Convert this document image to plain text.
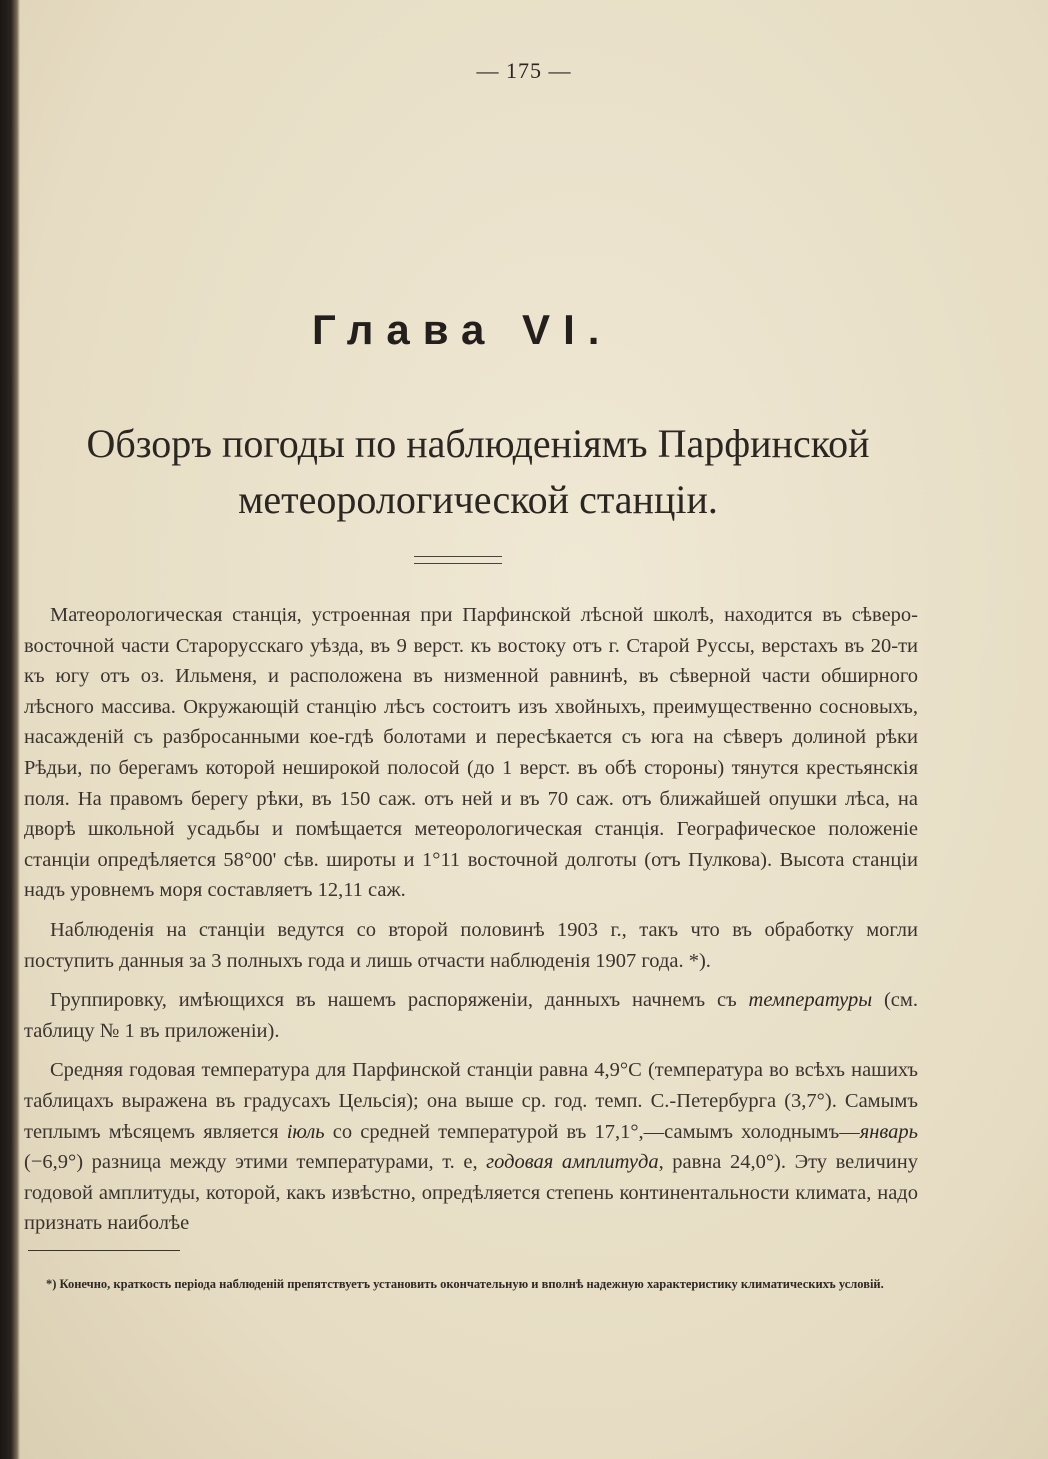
— 175 —
Глава VI.
Обзоръ погоды по наблюденіямъ Парфинской
метеорологической станціи.

Матеорологическая станція, устроенная при Парфинской лѣсной школѣ, находится въ сѣверо-восточной части Старорусскаго уѣзда, въ 9 верст. къ востоку отъ г. Старой Руссы, верстахъ въ 20-ти къ югу отъ оз. Ильменя, и расположена въ низменной равнинѣ, въ сѣверной части обширного лѣсного массива. Окружающій станцію лѣсъ состоитъ изъ хвойныхъ, преимущественно сосновыхъ, насажденій съ разбросанными кое-гдѣ болотами и пересѣкается съ юга на сѣверъ долиной рѣки Рѣдьи, по берегамъ которой неширокой полосой (до 1 верст. въ обѣ стороны) тянутся крестьянскія поля. На правомъ берегу рѣки, въ 150 саж. отъ ней и въ 70 саж. отъ ближайшей опушки лѣса, на дворѣ школьной усадьбы и помѣщается метеорологическая станція. Географическое положеніе станціи опредѣляется 58°00' сѣв. широты и 1°11 восточной долготы (отъ Пулкова). Высота станціи надъ уровнемъ моря составляетъ 12,11 саж.

Наблюденія на станціи ведутся со второй половинѣ 1903 г., такъ что въ обработку могли поступить данныя за 3 полныхъ года и лишь отчасти наблюденія 1907 года. *).

Группировку, имѣющихся въ нашемъ распоряженіи, данныхъ начнемъ съ температуры (см. таблицу № 1 въ приложеніи).

Средняя годовая температура для Парфинской станціи равна 4,9°C (температура во всѣхъ нашихъ таблицахъ выражена въ градусахъ Цельсія); она выше ср. год. темп. С.-Петербурга (3,7°). Самымъ теплымъ мѣсяцемъ является іюль со средней температурой въ 17,1°,—самымъ холоднымъ—январь (−6,9°) разница между этими температурами, т. е, годовая амплитуда, равна 24,0°). Эту величину годовой амплитуды, которой, какъ извѣстно, опредѣляется степень континентальности климата, надо признать наиболѣе

*) Конечно, краткость періода наблюденій препятствуетъ установить окончательную и вполнѣ надежную характеристику климатическихъ условій.
